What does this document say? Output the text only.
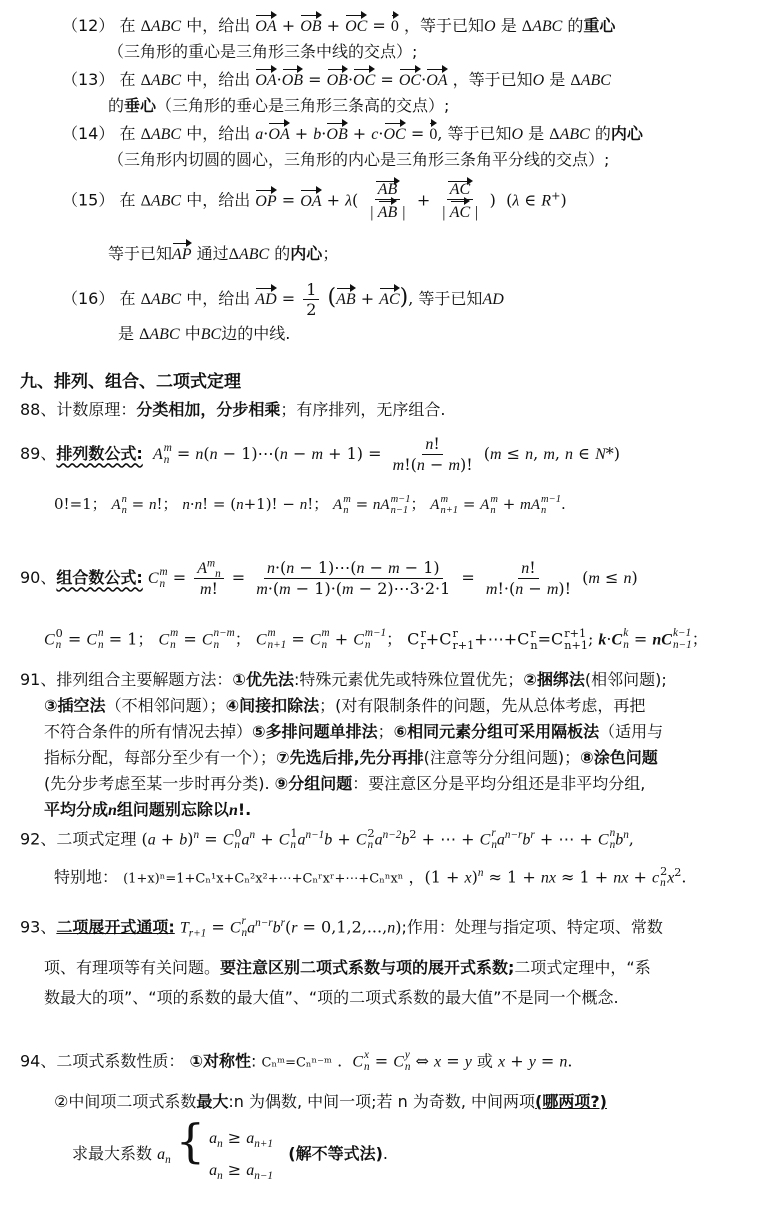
（12） 在 ΔABC 中，给出 OA + OB + OC = 0 ，等于已知O 是 ΔABC 的重心
（三角形的重心是三角形三条中线的交点）;
（13） 在 ΔABC 中，给出 OA·OB = OB·OC = OC·OA ，等于已知O 是 ΔABC
的垂心（三角形的垂心是三角形三条高的交点）;
（14） 在 ΔABC 中，给出 a·OA + b·OB + c·OC = 0, 等于已知O 是 ΔABC 的内心
（三角形内切圆的圆心，三角形的内心是三角形三条角平分线的交点）;
（15） 在 ΔABC 中，给出 OP = OA + $\lambda( \frac{AB}{| AB |} + \frac{AC}{| AC |}$ )  (λ ∈ R+)
等于已知AP 通过ΔABC 的内心；
（16） 在 ΔABC 中，给出 AD = $\frac{1}{2} (AB + AC)$, 等于已知AD
是 ΔABC 中BC边的中线.
九、排列、组合、二项式定理
88、计数原理：分类相加，分步相乘；有序排列，无序组合.
89、排列数公式: A m
n = n(n − 1)⋯(n − $m + 1) = \frac{n!}{m!(n - m)!} (m \le n$, m, n ∈ N*)
0!=1； A n
n = n!； n·n! = (n+1)! − n!； A m
n = nA m−1
n−1 ； A m
n+1 = A m
n + mA m−1
n .
90、组合数公式: C m
$n = \frac{A^m_n}{m!} = \frac{n\cdot(n - 1)\cdots(n - m - 1)}{m\cdot(m - 1)\cdot(m - 2)\cdots 3\cdot 2\cdot 1} = \frac{n!}{m!\cdot(n - m)!} (m \le n)$
C 0
n = C n
n = 1； C m
n = C n−m
n ； C m
n+1 = C m
n + C m−1
n ； C r
r +C r
r+1 +⋯+C r
n =C r+1
n+1 ; k·C k
n = nC k−1
n−1 ；
91、排列组合主要解题方法：①优先法:特殊元素优先或特殊位置优先；②捆绑法(相邻问题);
③插空法（不相邻问题）；④间接扣除法；(对有限制条件的问题，先从总体考虑，再把
不符合条件的所有情况去掉）⑤多排问题单排法；⑥相同元素分组可采用隔板法（适用与
指标分配，每部分至少有一个）；⑦先选后排,先分再排(注意等分分组问题)；⑧涂色问题
(先分步考虑至某一步时再分类). ⑨分组问题：要注意区分是平均分组还是非平均分组,
平均分成n组问题别忘除以n!.
92、二项式定理 $(a + b)^n = C$ 0
n $a^n + C$ 1
n $a^{n-1}b + C$ 2
n $a^{n-2}b^2$ + ⋯ + C r
n $a^{n-r}b^r$ + ⋯ + C n
n $b^n$,
特别地： (1+x)ⁿ=1+Cₙ¹x+Cₙ²x²+⋯+Cₙʳxʳ+⋯+Cₙⁿxⁿ ，$(1 + x)^n \approx 1$ + nx ≈ 1 + nx + c 2
n $x^2$.
93、二项展开式通项: $T_{r+1} = C$ r
n $a^{n-r}b^r(r = 0,1,2,...,n)$;作用：处理与指定项、特定项、常数
项、有理项等有关问题。要注意区别二项式系数与项的展开式系数;二项式定理中，“系
数最大的项”、“项的系数的最大值”、“项的二项式系数的最大值”不是同一个概念.
94、二项式系数性质： ①对称性: Cₙᵐ=Cₙⁿ⁻ᵐ .  C x
n = C y
n ⇔ x = y 或 x + y = n.
②中间项二项式系数最大:n 为偶数, 中间一项;若 n 为奇数, 中间两项(哪两项?)
求最大系数 $a_n$ { $a_n \ge a_{n+1}$
$a_n \ge a_{n-1}$
(解不等式法).
